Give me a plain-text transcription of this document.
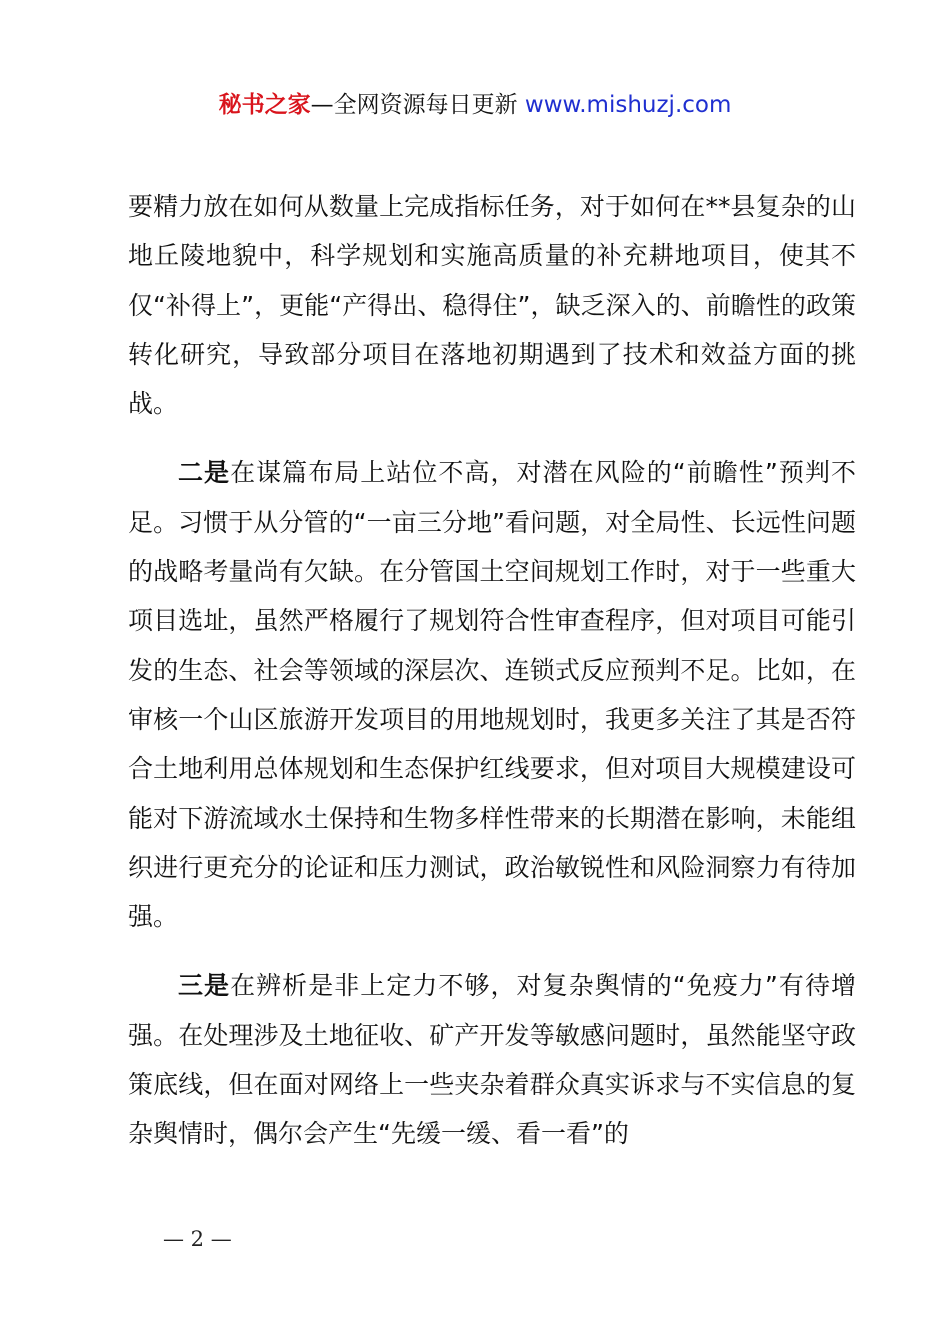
秘书之家—全网资源每日更新 www.mishuzj.com

要精力放在如何从数量上完成指标任务，对于如何在**县复杂的山地丘陵地貌中，科学规划和实施高质量的补充耕地项目，使其不仅“补得上”，更能“产得出、稳得住”，缺乏深入的、前瞻性的政策转化研究，导致部分项目在落地初期遇到了技术和效益方面的挑战。

二是在谋篇布局上站位不高，对潜在风险的“前瞻性”预判不足。习惯于从分管的“一亩三分地”看问题，对全局性、长远性问题的战略考量尚有欠缺。在分管国土空间规划工作时，对于一些重大项目选址，虽然严格履行了规划符合性审查程序，但对项目可能引发的生态、社会等领域的深层次、连锁式反应预判不足。比如，在审核一个山区旅游开发项目的用地规划时，我更多关注了其是否符合土地利用总体规划和生态保护红线要求，但对项目大规模建设可能对下游流域水土保持和生物多样性带来的长期潜在影响，未能组织进行更充分的论证和压力测试，政治敏锐性和风险洞察力有待加强。

三是在辨析是非上定力不够，对复杂舆情的“免疫力”有待增强。在处理涉及土地征收、矿产开发等敏感问题时，虽然能坚守政策底线，但在面对网络上一些夹杂着群众真实诉求与不实信息的复杂舆情时，偶尔会产生“先缓一缓、看一看”的

— 2 —
